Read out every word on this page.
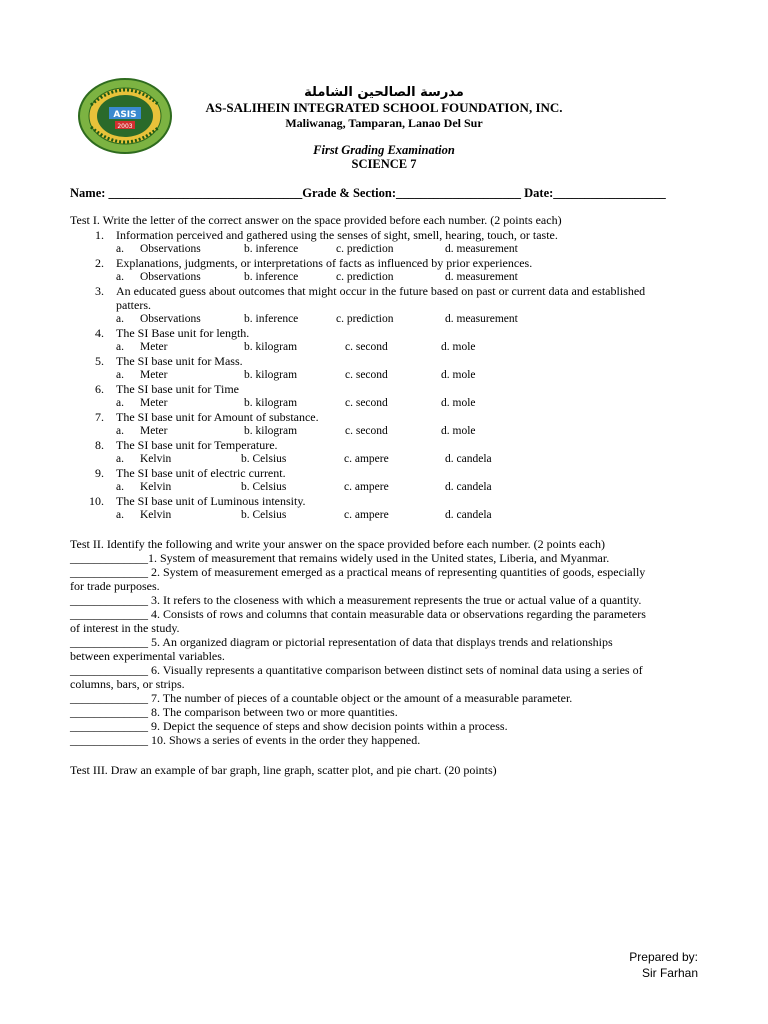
ASIS
2003
مدرسة الصالحين الشاملة
AS-SALIHEIN INTEGRATED SCHOOL FOUNDATION, INC.
Maliwanag, Tamparan, Lanao Del Sur
First Grading Examination
SCIENCE 7
Name: _______________________________Grade & Section:____________________ Date:__________________
Test I. Write the letter of the correct answer on the space provided before each number. (2 points each)
1. Information perceived and gathered using the senses of sight, smell, hearing, touch, or taste.
a. Observations	b. inference	c. prediction	d. measurement
2. Explanations, judgments, or interpretations of facts as influenced by prior experiences.
a. Observations	b. inference	c. prediction	d. measurement
3. An educated guess about outcomes that might occur in the future based on past or current data and established
patters.
a. Observations	b. inference	c. prediction	d. measurement
4. The SI Base unit for length.
a. Meter	b. kilogram	c. second	d. mole
5. The SI base unit for Mass.
a. Meter	b. kilogram	c. second	d. mole
6. The SI base unit for Time
a. Meter	b. kilogram	c. second	d. mole
7. The SI base unit for Amount of substance.
a. Meter	b. kilogram	c. second	d. mole
8. The SI base unit for Temperature.
a. Kelvin	b. Celsius	c. ampere	d. candela
9. The SI base unit of electric current.
a. Kelvin	b. Celsius	c. ampere	d. candela
10. The SI base unit of Luminous intensity.
a. Kelvin	b. Celsius	c. ampere	d. candela
Test II. Identify the following and write your answer on the space provided before each number. (2 points each)
_____________1. System of measurement that remains widely used in the United states, Liberia, and Myanmar.
_____________ 2. System of measurement emerged as a practical means of representing quantities of goods, especially
for trade purposes.
_____________ 3. It refers to the closeness with which a measurement represents the true or actual value of a quantity.
_____________ 4. Consists of rows and columns that contain measurable data or observations regarding the parameters
of interest in the study.
_____________ 5. An organized diagram or pictorial representation of data that displays trends and relationships
between experimental variables.
_____________ 6. Visually represents a quantitative comparison between distinct sets of nominal data using a series of
columns, bars, or strips.
_____________ 7. The number of pieces of a countable object or the amount of a measurable parameter.
_____________ 8. The comparison between two or more quantities.
_____________ 9. Depict the sequence of steps and show decision points within a process.
_____________ 10. Shows a series of events in the order they happened.
Test III. Draw an example of bar graph, line graph, scatter plot, and pie chart. (20 points)
Prepared by:
Sir Farhan
